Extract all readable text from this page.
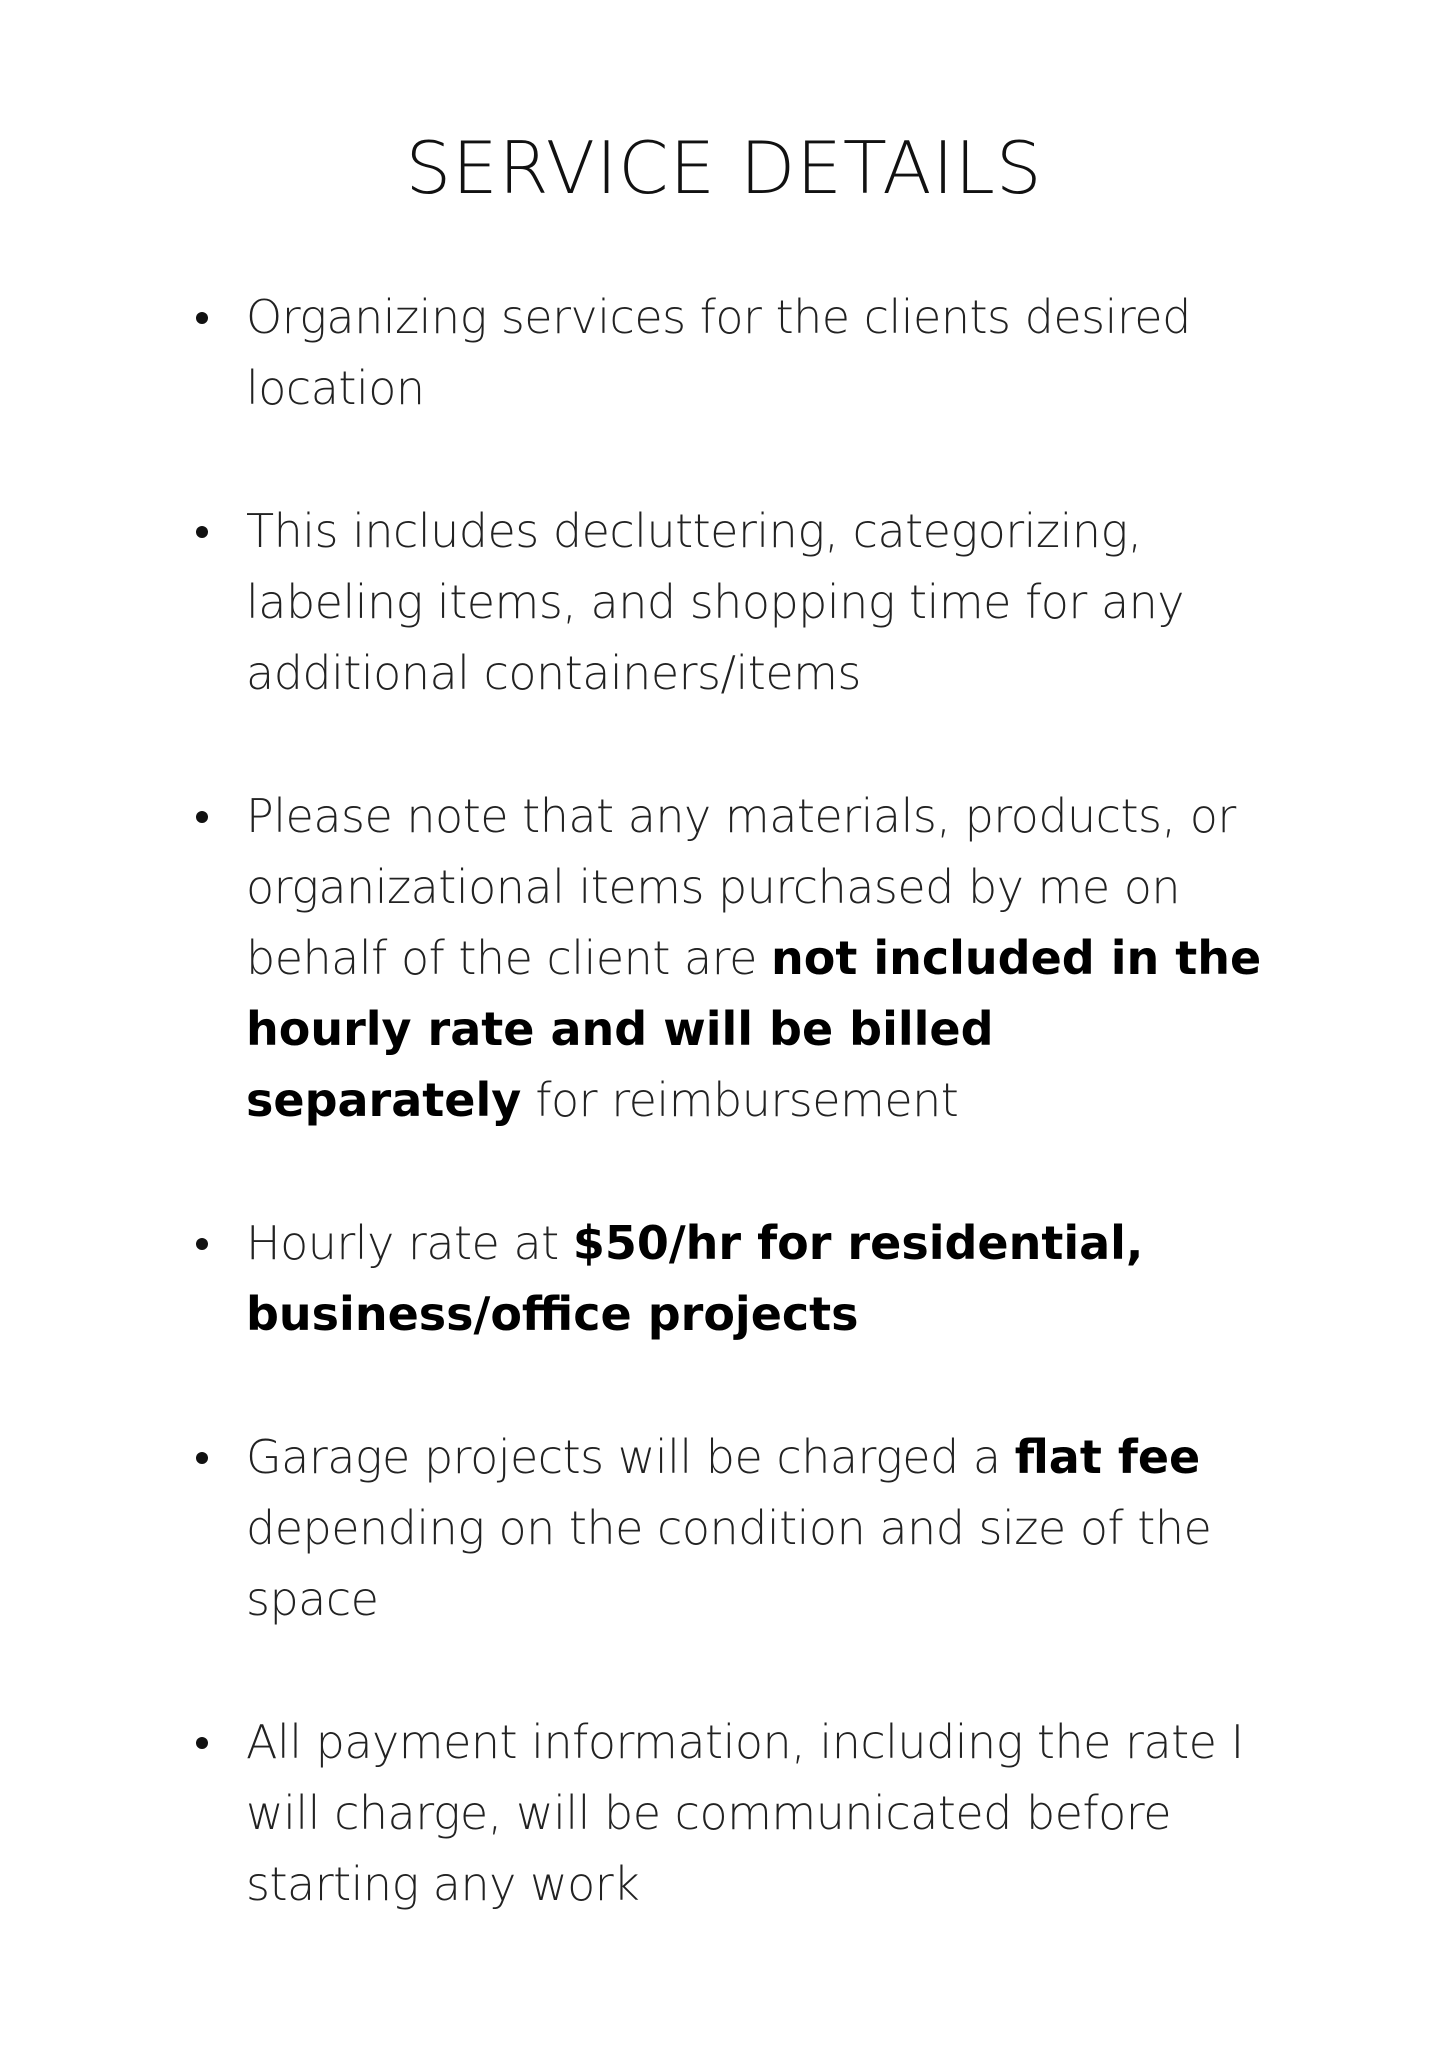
SERVICE DETAILS
Organizing services for the clients desired location
This includes decluttering, categorizing, labeling items, and shopping time for any additional containers/items
Please note that any materials, products, or organizational items purchased by me on behalf of the client are not included in the hourly rate and will be billed separately for reimbursement
Hourly rate at $50/hr for residential, business/office projects
Garage projects will be charged a flat fee depending on the condition and size of the space
All payment information, including the rate I will charge, will be communicated before starting any work
